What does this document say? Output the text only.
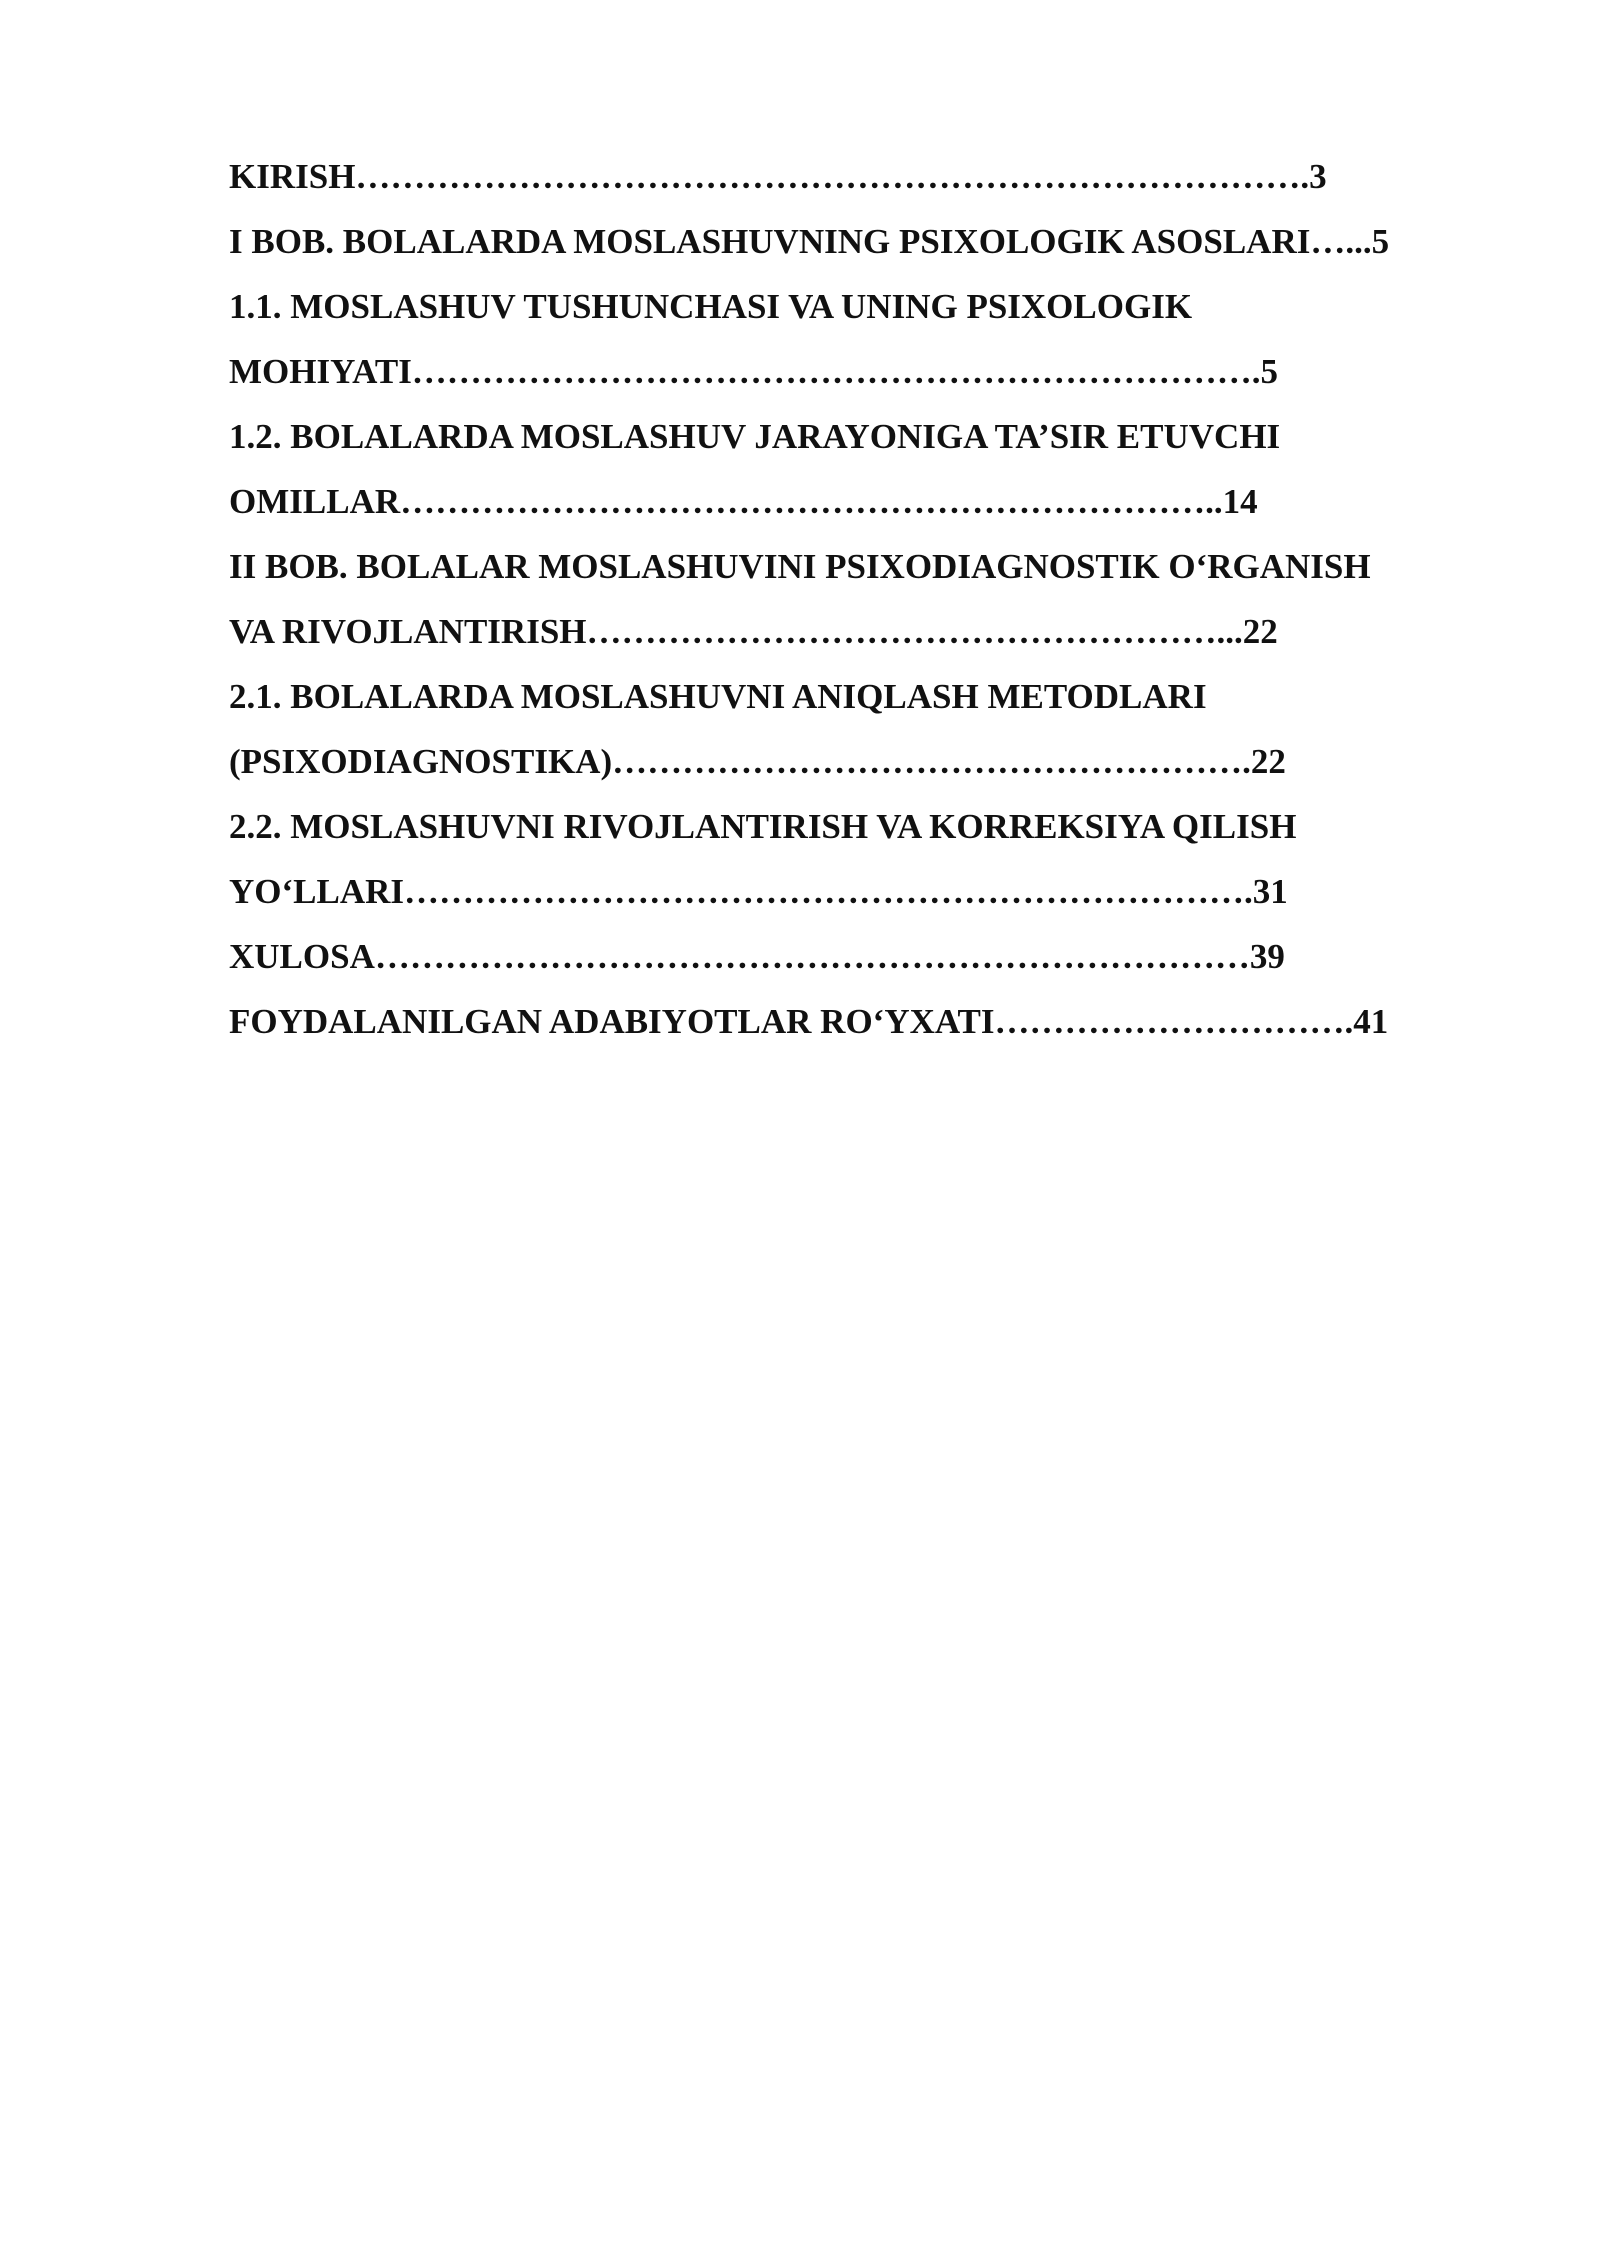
KIRISH……………………………………………………………………….3
I BOB. BOLALARDA MOSLASHUVNING PSIXOLOGIK ASOSLARI…...5
1.1. MOSLASHUV TUSHUNCHASI VA UNING PSIXOLOGIK
MOHIYATI……………………………………………………………….5
1.2. BOLALARDA MOSLASHUV JARAYONIGA TA’SIR ETUVCHI
OMILLAR……………………………………………………………..14
II BOB. BOLALAR MOSLASHUVINI PSIXODIAGNOSTIK O‘RGANISH
VA RIVOJLANTIRISH………………………………………………...22
2.1. BOLALARDA MOSLASHUVNI ANIQLASH METODLARI
(PSIXODIAGNOSTIKA)……………………………………………….22
2.2. MOSLASHUVNI RIVOJLANTIRISH VA KORREKSIYA QILISH
YO‘LLARI……………………………………………………………….31
XULOSA…………………………………………………………………39
FOYDALANILGAN ADABIYOTLAR RO‘YXATI………………………….41
